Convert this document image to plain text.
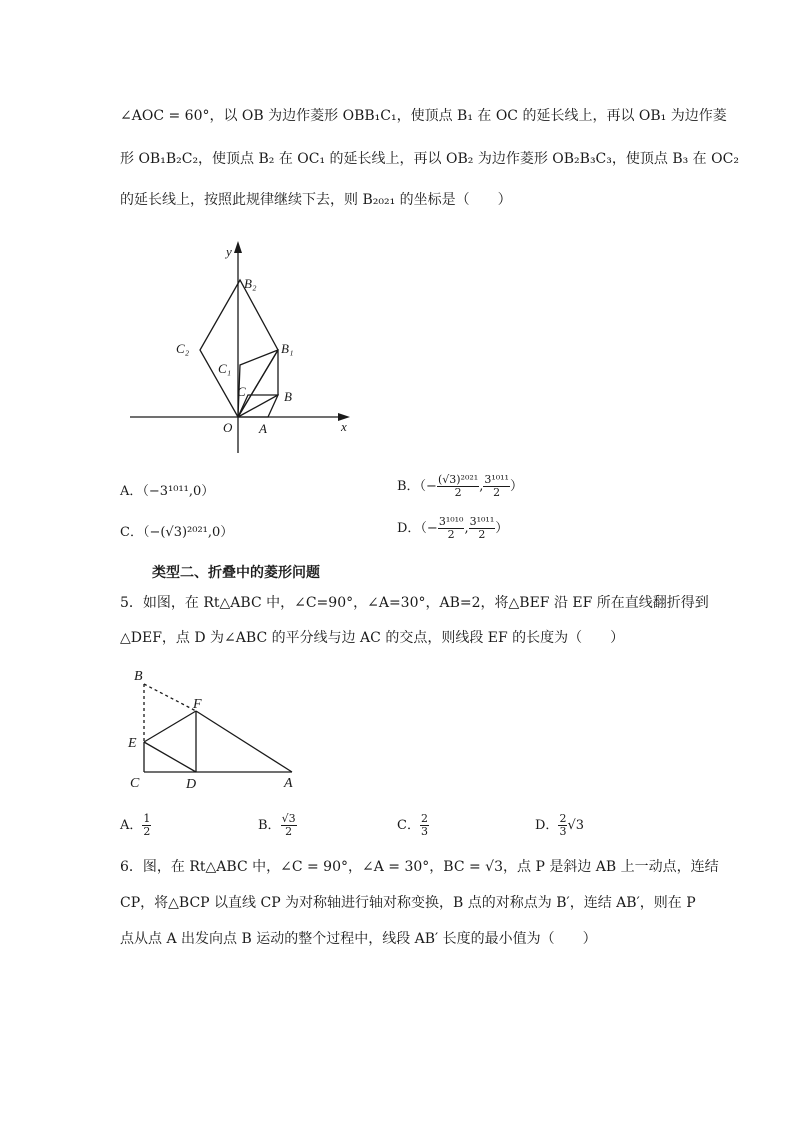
∠AOC = 60°，以 OB 为边作菱形 OBB₁C₁，使顶点 B₁ 在 OC 的延长线上，再以 OB₁ 为边作菱
形 OB₁B₂C₂，使顶点 B₂ 在 OC₁ 的延长线上，再以 OB₂ 为边作菱形 OB₂B₃C₃，使顶点 B₃ 在 OC₂
的延长线上，按照此规律继续下去，则 B₂₀₂₁ 的坐标是（　　）
y
x
O A
B
C
C₁
B₁
C₂
B₂
A．（−3¹⁰¹¹,0）	B．（− $\frac{\text{(√3)²⁰²¹}}{2}$ , $\frac{\text{3¹⁰¹¹}}{2}$ ）
C．（−(√3)²⁰²¹,0）	D．（− $\frac{\text{3¹⁰¹⁰}}{2}$ , $\frac{\text{3¹⁰¹¹}}{2}$ ）
类型二、折叠中的菱形问题
5．如图，在 Rt△ABC 中，∠C=90°，∠A=30°，AB=2，将△BEF 沿 EF 所在直线翻折得到
△DEF，点 D 为∠ABC 的平分线与边 AC 的交点，则线段 EF 的长度为（　　）
B
F
E
C	D	A
A． $\frac{1}{2}$	B． $\frac{√3}{2}$	C． $\frac{2}{3}$	D． $\frac{2}{3} √3$
6．图，在 Rt△ABC 中，∠C = 90°，∠A = 30°，BC = √3，点 P 是斜边 AB 上一动点，连结
CP，将△BCP 以直线 CP 为对称轴进行轴对称变换，B 点的对称点为 B′，连结 AB′，则在 P
点从点 A 出发向点 B 运动的整个过程中，线段 AB′ 长度的最小值为（　　）
